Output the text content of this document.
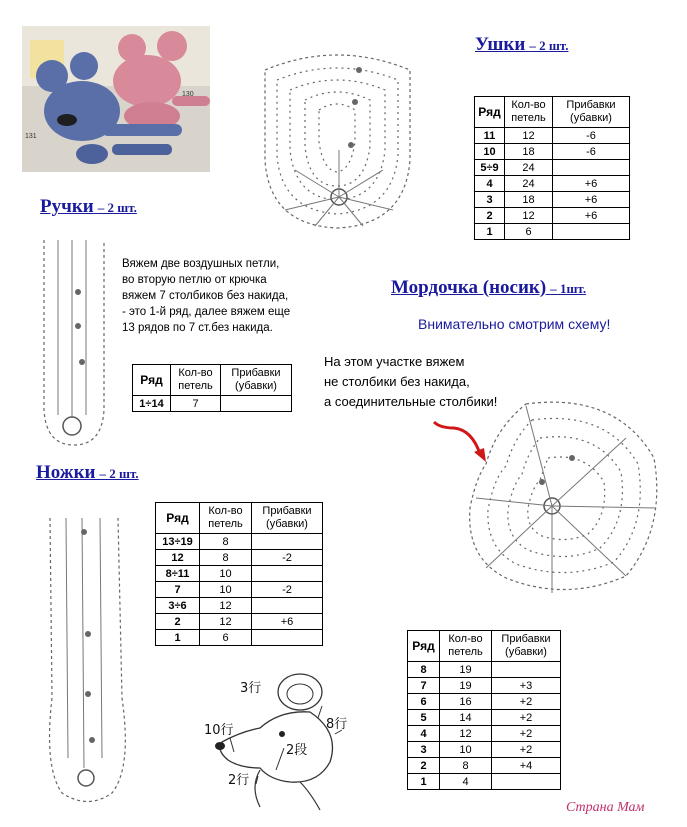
130
131
Ушки – 2 шт.
Ряд	Кол-во петель	Прибавки (убавки)
11	12	-6
10	18	-6
5÷9	24	
4	24	+6
3	18	+6
2	12	+6
1	6	
Ручки – 2 шт.
Вяжем две воздушных петли,
во вторую петлю от крючка
вяжем 7 столбиков без накида,
- это 1-й ряд, далее вяжем еще
13 рядов по 7 ст.без накида.
Ряд	Кол-во петель	Прибавки (убавки)
1÷14	7	
Мордочка (носик) – 1шт.
Внимательно смотрим схему!
На этом участке вяжем
не столбики без накида,
а соединительные столбики!
Ножки – 2 шт.
Ряд	Кол-во петель	Прибавки (убавки)
13÷19	8	
12	8	-2
8÷11	10	
7	10	-2
3÷6	12	
2	12	+6
1	6	
Ряд	Кол-во петель	Прибавки (убавки)
8	19	
7	19	+3
6	16	+2
5	14	+2
4	12	+2
3	10	+2
2	8	+4
1	4	
3行
8行
10行
2段
2行
Страна Мам
